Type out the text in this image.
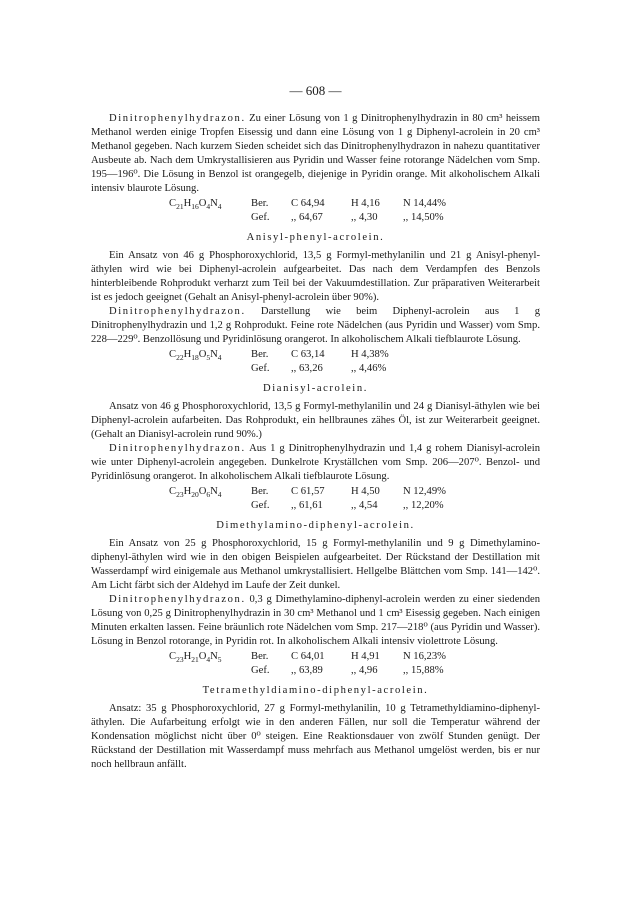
— 608 —

Dinitrophenylhydrazon. Zu einer Lösung von 1 g Dinitrophenylhydrazin in 80 cm³ heissem Methanol werden einige Tropfen Eisessig und dann eine Lösung von 1 g Diphenyl-acrolein in 20 cm³ Methanol gegeben. Nach kurzem Sieden scheidet sich das Dinitrophenylhydrazon in nahezu quantitativer Ausbeute ab. Nach dem Umkrystallisieren aus Pyridin und Wasser feine rotorange Nädelchen vom Smp. 195—196⁰. Die Lösung in Benzol ist orangegelb, diejenige in Pyridin orange. Mit alkoholischem Alkali intensiv blaurote Lösung.

$C_{21}H_{16}O_4N_4$	Ber.	C 64,94	H 4,16	N 14,44%
Gef.	,, 64,67	,, 4,30	,, 14,50%
Anisyl-phenyl-acrolein.

Ein Ansatz von 46 g Phosphoroxychlorid, 13,5 g Formyl-methylanilin und 21 g Anisyl-phenyl-äthylen wird wie bei Diphenyl-acrolein aufgearbeitet. Das nach dem Verdampfen des Benzols hinterbleibende Rohprodukt verharzt zum Teil bei der Vakuumdestillation. Zur präparativen Weiterarbeit ist es jedoch geeignet (Gehalt an Anisyl-phenyl-acrolein über 90%).

Dinitrophenylhydrazon. Darstellung wie beim Diphenyl-acrolein aus 1 g Dinitrophenylhydrazin und 1,2 g Rohprodukt. Feine rote Nädelchen (aus Pyridin und Wasser) vom Smp. 228—229⁰. Benzollösung und Pyridinlösung orangerot. In alkoholischem Alkali tiefblaurote Lösung.

$C_{22}H_{18}O_5N_4$	Ber.	C 63,14	H 4,38%
Gef.	,, 63,26	,, 4,46%
Dianisyl-acrolein.

Ansatz von 46 g Phosphoroxychlorid, 13,5 g Formyl-methylanilin und 24 g Dianisyl-äthylen wie bei Diphenyl-acrolein aufarbeiten. Das Rohprodukt, ein hellbraunes zähes Öl, ist zur Weiterarbeit geeignet. (Gehalt an Dianisyl-acrolein rund 90%.)

Dinitrophenylhydrazon. Aus 1 g Dinitrophenylhydrazin und 1,4 g rohem Dianisyl-acrolein wie unter Diphenyl-acrolein angegeben. Dunkelrote Kryställchen vom Smp. 206—207⁰. Benzol- und Pyridinlösung orangerot. In alkoholischem Alkali tiefblaurote Lösung.

$C_{23}H_{20}O_6N_4$	Ber.	C 61,57	H 4,50	N 12,49%
Gef.	,, 61,61	,, 4,54	,, 12,20%
Dimethylamino-diphenyl-acrolein.

Ein Ansatz von 25 g Phosphoroxychlorid, 15 g Formyl-methylanilin und 9 g Dimethylamino-diphenyl-äthylen wird wie in den obigen Beispielen aufgearbeitet. Der Rückstand der Destillation mit Wasserdampf wird einigemale aus Methanol umkrystallisiert. Hellgelbe Blättchen vom Smp. 141—142⁰. Am Licht färbt sich der Aldehyd im Laufe der Zeit dunkel.

Dinitrophenylhydrazon. 0,3 g Dimethylamino-diphenyl-acrolein werden zu einer siedenden Lösung von 0,25 g Dinitrophenylhydrazin in 30 cm³ Methanol und 1 cm³ Eisessig gegeben. Nach einigen Minuten erkalten lassen. Feine bräunlich rote Nädelchen vom Smp. 217—218⁰ (aus Pyridin und Wasser). Lösung in Benzol rotorange, in Pyridin rot. In alkoholischem Alkali intensiv violettrote Lösung.

$C_{23}H_{21}O_4N_5$	Ber.	C 64,01	H 4,91	N 16,23%
Gef.	,, 63,89	,, 4,96	,, 15,88%
Tetramethyldiamino-diphenyl-acrolein.

Ansatz: 35 g Phosphoroxychlorid, 27 g Formyl-methylanilin, 10 g Tetramethyldiamino-diphenyl-äthylen. Die Aufarbeitung erfolgt wie in den anderen Fällen, nur soll die Temperatur während der Kondensation möglichst nicht über 0⁰ steigen. Eine Reaktionsdauer von zwölf Stunden genügt. Der Rückstand der Destillation mit Wasserdampf muss mehrfach aus Methanol umgelöst werden, bis er nur noch hellbraun anfällt.
